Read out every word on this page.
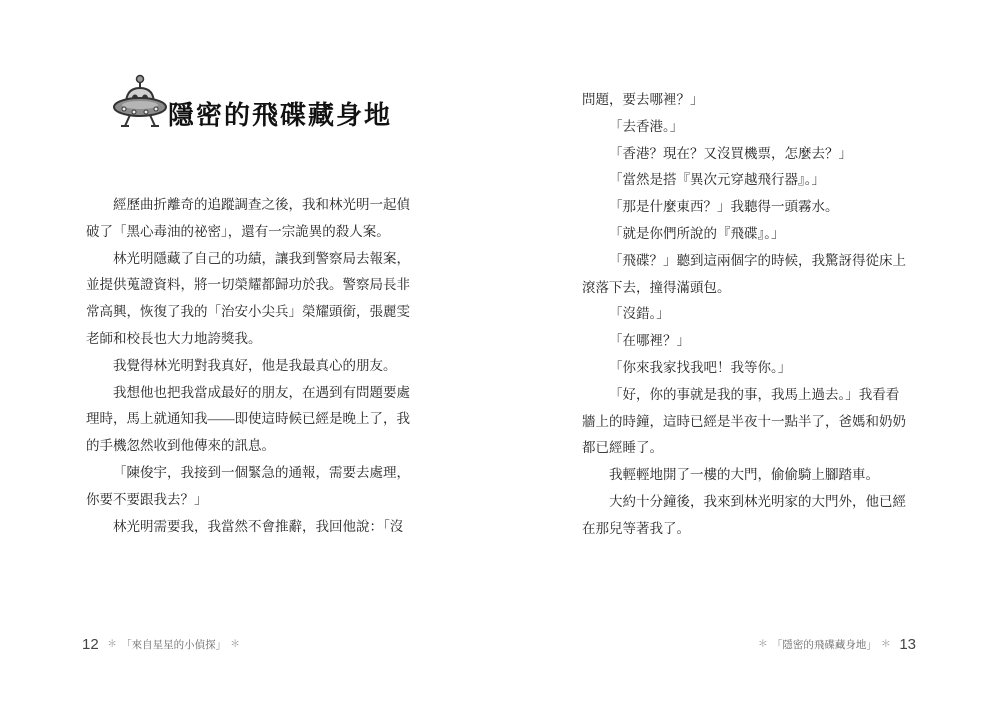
隱密的飛碟藏身地
經歷曲折離奇的追蹤調查之後，我和林光明一起偵
破了「黑心毒油的祕密」，還有一宗詭異的殺人案。
林光明隱藏了自己的功績，讓我到警察局去報案，
並提供蒐證資料，將一切榮耀都歸功於我。警察局長非
常高興，恢復了我的「治安小尖兵」榮耀頭銜，張麗雯
老師和校長也大力地誇獎我。
我覺得林光明對我真好，他是我最真心的朋友。
我想他也把我當成最好的朋友，在遇到有問題要處
理時，馬上就通知我——即使這時候已經是晚上了，我
的手機忽然收到他傳來的訊息。
「陳俊宇，我接到一個緊急的通報，需要去處理，
你要不要跟我去？」
林光明需要我，我當然不會推辭，我回他說：「沒
12 ＊ 「來自星星的小偵探」 ＊
問題，要去哪裡？」
「去香港。」
「香港？現在？又沒買機票，怎麼去？」
「當然是搭『異次元穿越飛行器』。」
「那是什麼東西？」我聽得一頭霧水。
「就是你們所說的『飛碟』。」
「飛碟？」聽到這兩個字的時候，我驚訝得從床上
滾落下去，撞得滿頭包。
「沒錯。」
「在哪裡？」
「你來我家找我吧！我等你。」
「好，你的事就是我的事，我馬上過去。」我看看
牆上的時鐘，這時已經是半夜十一點半了，爸媽和奶奶
都已經睡了。
我輕輕地開了一樓的大門，偷偷騎上腳踏車。
大約十分鐘後，我來到林光明家的大門外，他已經
在那兒等著我了。
＊ 「隱密的飛碟藏身地」 ＊ 13
